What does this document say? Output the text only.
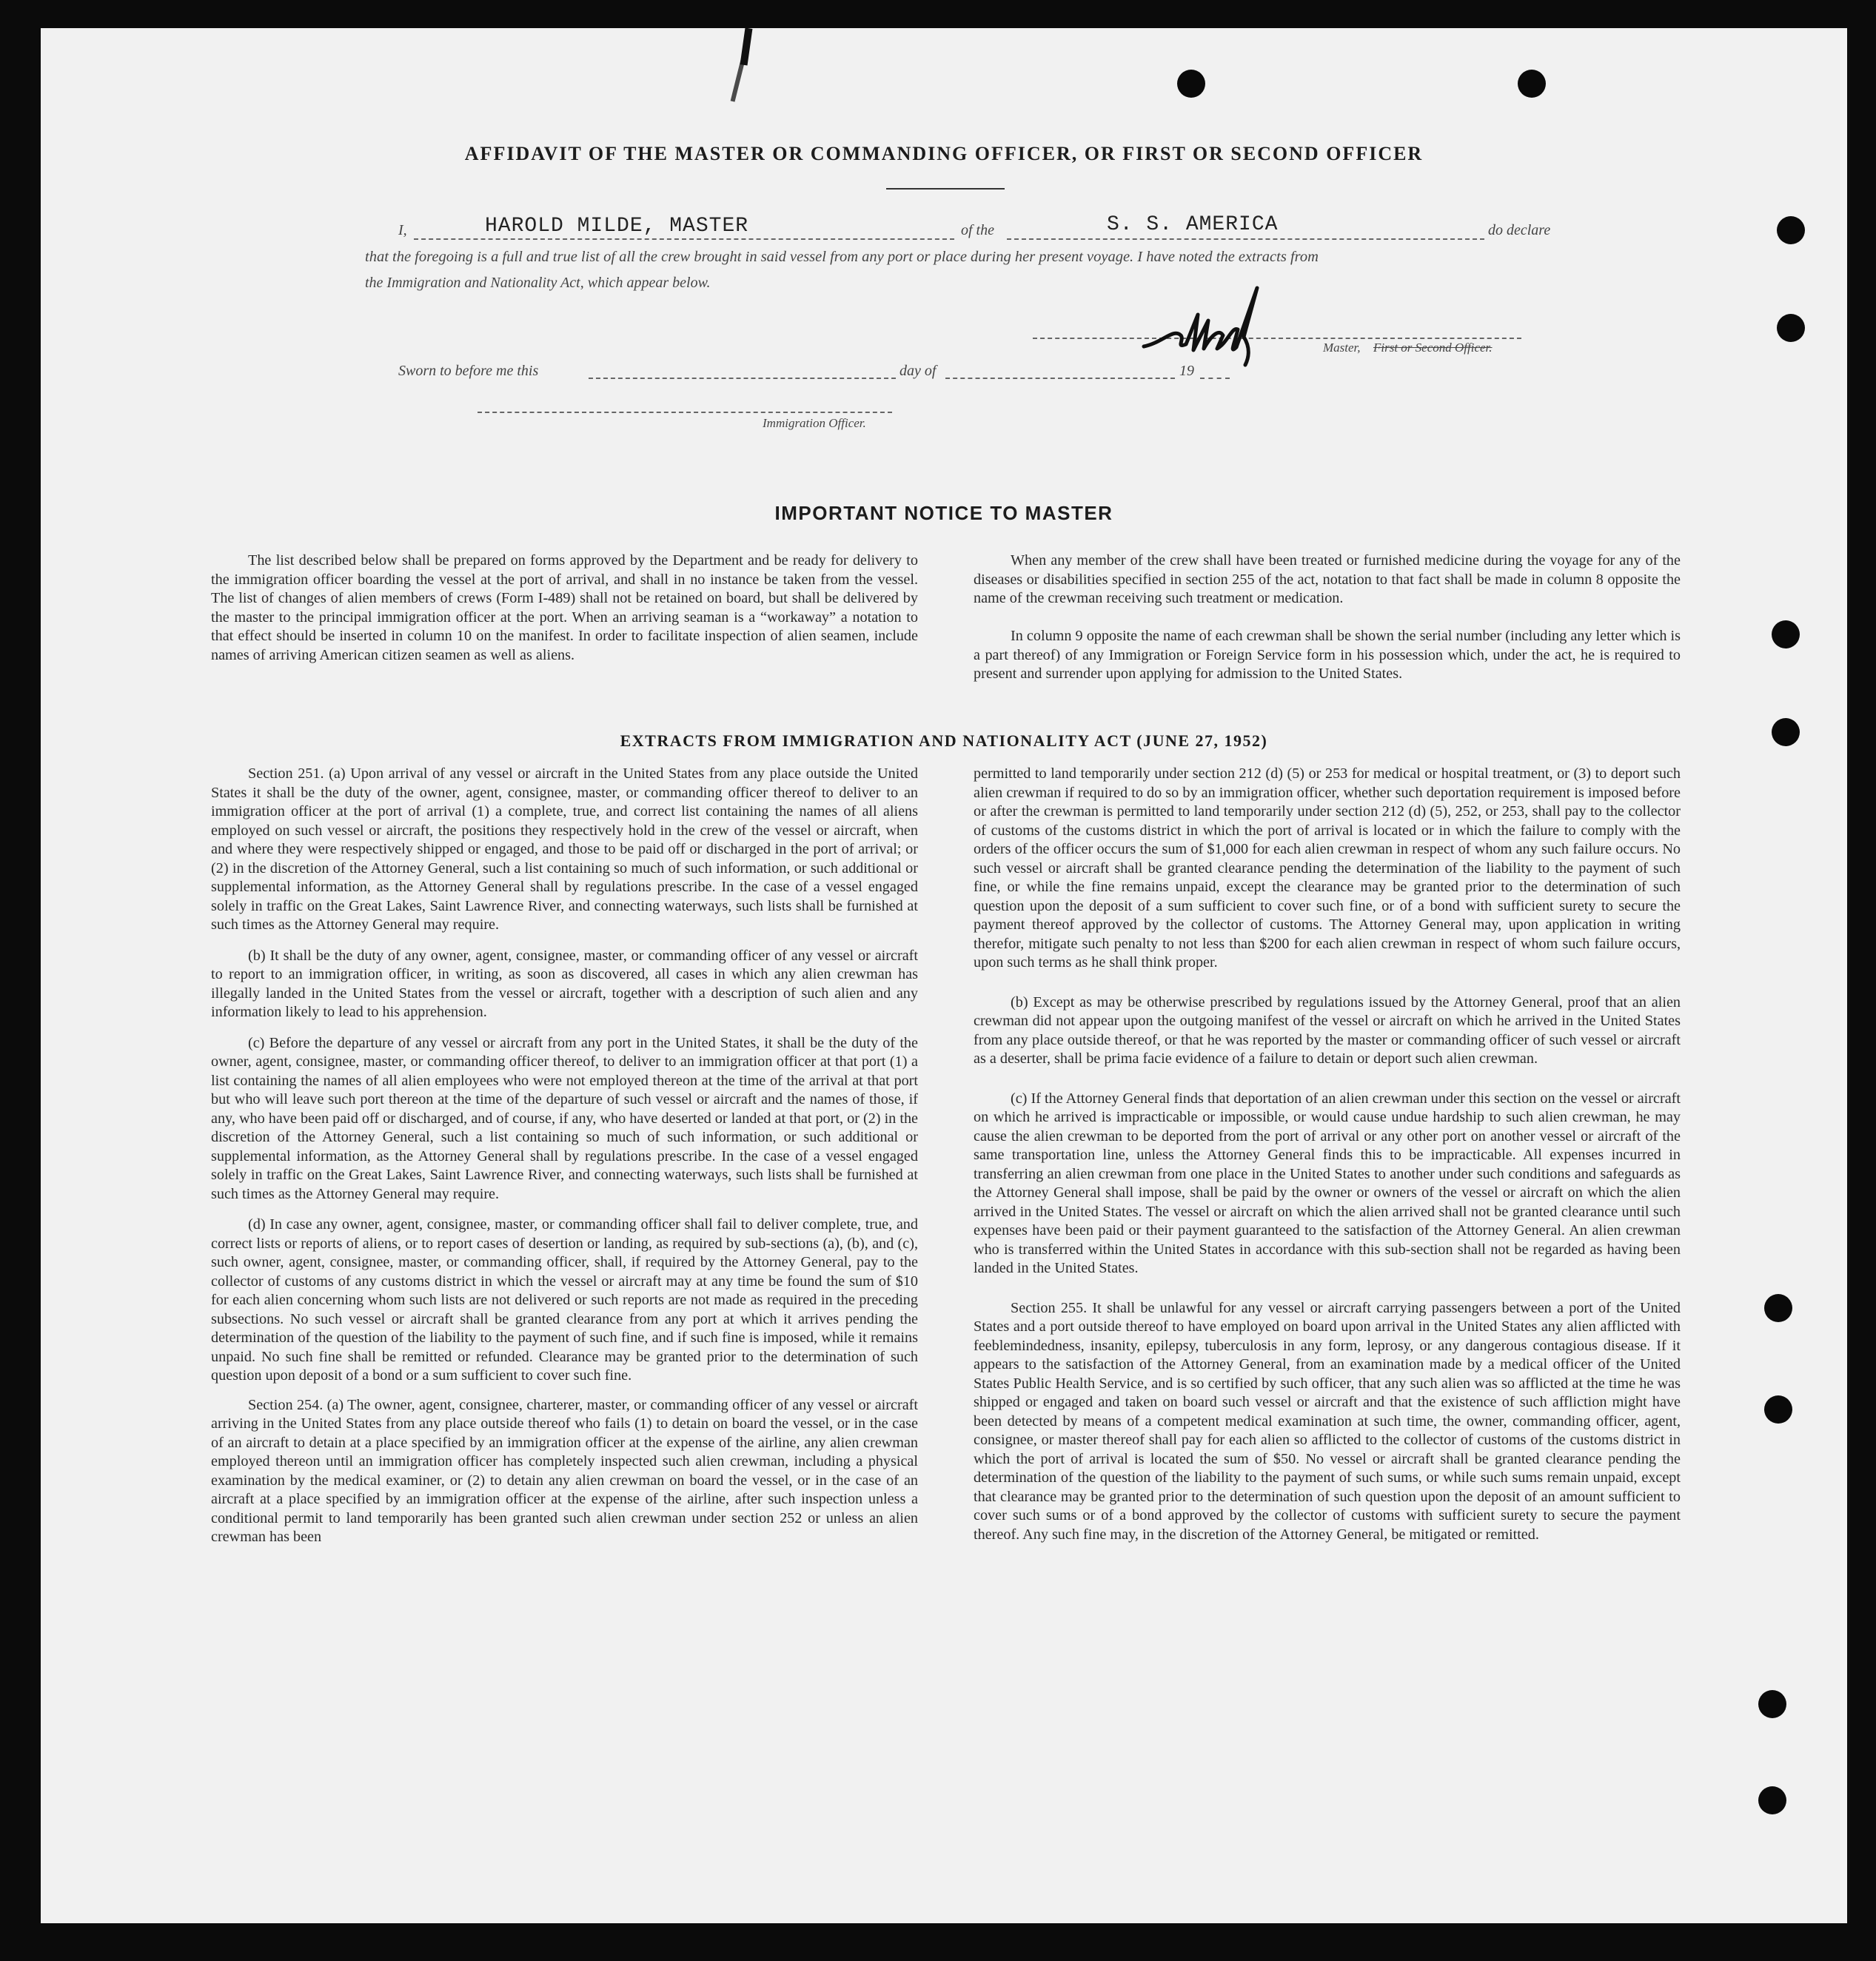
AFFIDAVIT OF THE MASTER OR COMMANDING OFFICER, OR FIRST OR SECOND OFFICER
I,	HAROLD MILDE, MASTER	of the	S. S. AMERICA	do declare
that the foregoing is a full and true list of all the crew brought in said vessel from any port or place during her present voyage. I have noted the extracts from
the Immigration and Nationality Act, which appear below.
Master, First or Second Officer.
Sworn to before me this	day of	19
Immigration Officer.
IMPORTANT NOTICE TO MASTER

The list described below shall be prepared on forms approved by the Department and be ready for delivery to the immigration officer boarding the vessel at the port of arrival, and shall in no instance be taken from the vessel. The list of changes of alien members of crews (Form I-489) shall not be retained on board, but shall be delivered by the master to the principal immigration officer at the port. When an arriving seaman is a “workaway” a notation to that effect should be inserted in column 10 on the manifest. In order to facilitate inspection of alien seamen, include names of arriving American citizen seamen as well as aliens.

When any member of the crew shall have been treated or furnished medicine during the voyage for any of the diseases or disabilities specified in section 255 of the act, notation to that fact shall be made in column 8 opposite the name of the crewman receiving such treatment or medication.

In column 9 opposite the name of each crewman shall be shown the serial number (including any letter which is a part thereof) of any Immigration or Foreign Service form in his possession which, under the act, he is required to present and surrender upon applying for admission to the United States.

EXTRACTS FROM IMMIGRATION AND NATIONALITY ACT (JUNE 27, 1952)

Section 251. (a) Upon arrival of any vessel or aircraft in the United States from any place outside the United States it shall be the duty of the owner, agent, consignee, master, or commanding officer thereof to deliver to an immigration officer at the port of arrival (1) a complete, true, and correct list containing the names of all aliens employed on such vessel or aircraft, the positions they respectively hold in the crew of the vessel or aircraft, when and where they were respectively shipped or engaged, and those to be paid off or discharged in the port of arrival; or (2) in the discretion of the Attorney General, such a list containing so much of such information, or such additional or supplemental information, as the Attorney General shall by regulations prescribe. In the case of a vessel engaged solely in traffic on the Great Lakes, Saint Lawrence River, and connecting waterways, such lists shall be furnished at such times as the Attorney General may require.

(b) It shall be the duty of any owner, agent, consignee, master, or commanding officer of any vessel or aircraft to report to an immigration officer, in writing, as soon as discovered, all cases in which any alien crewman has illegally landed in the United States from the vessel or aircraft, together with a description of such alien and any information likely to lead to his apprehension.

(c) Before the departure of any vessel or aircraft from any port in the United States, it shall be the duty of the owner, agent, consignee, master, or commanding officer thereof, to deliver to an immigration officer at that port (1) a list containing the names of all alien employees who were not employed thereon at the time of the arrival at that port but who will leave such port thereon at the time of the departure of such vessel or aircraft and the names of those, if any, who have been paid off or discharged, and of course, if any, who have deserted or landed at that port, or (2) in the discretion of the Attorney General, such a list containing so much of such information, or such additional or supplemental information, as the Attorney General shall by regulations prescribe. In the case of a vessel engaged solely in traffic on the Great Lakes, Saint Lawrence River, and connecting waterways, such lists shall be furnished at such times as the Attorney General may require.

(d) In case any owner, agent, consignee, master, or commanding officer shall fail to deliver complete, true, and correct lists or reports of aliens, or to report cases of desertion or landing, as required by sub-sections (a), (b), and (c), such owner, agent, consignee, master, or commanding officer, shall, if required by the Attorney General, pay to the collector of customs of any customs district in which the vessel or aircraft may at any time be found the sum of $10 for each alien concerning whom such lists are not delivered or such reports are not made as required in the preceding subsections. No such vessel or aircraft shall be granted clearance from any port at which it arrives pending the determination of the question of the liability to the payment of such fine, and if such fine is imposed, while it remains unpaid. No such fine shall be remitted or refunded. Clearance may be granted prior to the determination of such question upon deposit of a bond or a sum sufficient to cover such fine.

Section 254. (a) The owner, agent, consignee, charterer, master, or commanding officer of any vessel or aircraft arriving in the United States from any place outside thereof who fails (1) to detain on board the vessel, or in the case of an aircraft to detain at a place specified by an immigration officer at the expense of the airline, any alien crewman employed thereon until an immigration officer has completely inspected such alien crewman, including a physical examination by the medical examiner, or (2) to detain any alien crewman on board the vessel, or in the case of an aircraft at a place specified by an immigration officer at the expense of the airline, after such inspection unless a conditional permit to land temporarily has been granted such alien crewman under section 252 or unless an alien crewman has been

permitted to land temporarily under section 212 (d) (5) or 253 for medical or hospital treatment, or (3) to deport such alien crewman if required to do so by an immigration officer, whether such deportation requirement is imposed before or after the crewman is permitted to land temporarily under section 212 (d) (5), 252, or 253, shall pay to the collector of customs of the customs district in which the port of arrival is located or in which the failure to comply with the orders of the officer occurs the sum of $1,000 for each alien crewman in respect of whom any such failure occurs. No such vessel or aircraft shall be granted clearance pending the determination of the liability to the payment of such fine, or while the fine remains unpaid, except the clearance may be granted prior to the determination of such question upon the deposit of a sum sufficient to cover such fine, or of a bond with sufficient surety to secure the payment thereof approved by the collector of customs. The Attorney General may, upon application in writing therefor, mitigate such penalty to not less than $200 for each alien crewman in respect of whom such failure occurs, upon such terms as he shall think proper.

(b) Except as may be otherwise prescribed by regulations issued by the Attorney General, proof that an alien crewman did not appear upon the outgoing manifest of the vessel or aircraft on which he arrived in the United States from any place outside thereof, or that he was reported by the master or commanding officer of such vessel or aircraft as a deserter, shall be prima facie evidence of a failure to detain or deport such alien crewman.

(c) If the Attorney General finds that deportation of an alien crewman under this section on the vessel or aircraft on which he arrived is impracticable or impossible, or would cause undue hardship to such alien crewman, he may cause the alien crewman to be deported from the port of arrival or any other port on another vessel or aircraft of the same transportation line, unless the Attorney General finds this to be impracticable. All expenses incurred in transferring an alien crewman from one place in the United States to another under such conditions and safeguards as the Attorney General shall impose, shall be paid by the owner or owners of the vessel or aircraft on which the alien arrived in the United States. The vessel or aircraft on which the alien arrived shall not be granted clearance until such expenses have been paid or their payment guaranteed to the satisfaction of the Attorney General. An alien crewman who is transferred within the United States in accordance with this sub-section shall not be regarded as having been landed in the United States.

Section 255. It shall be unlawful for any vessel or aircraft carrying passengers between a port of the United States and a port outside thereof to have employed on board upon arrival in the United States any alien afflicted with feeblemindedness, insanity, epilepsy, tuberculosis in any form, leprosy, or any dangerous contagious disease. If it appears to the satisfaction of the Attorney General, from an examination made by a medical officer of the United States Public Health Service, and is so certified by such officer, that any such alien was so afflicted at the time he was shipped or engaged and taken on board such vessel or aircraft and that the existence of such affliction might have been detected by means of a competent medical examination at such time, the owner, commanding officer, agent, consignee, or master thereof shall pay for each alien so afflicted to the collector of customs of the customs district in which the port of arrival is located the sum of $50. No vessel or aircraft shall be granted clearance pending the determination of the question of the liability to the payment of such sums, or while such sums remain unpaid, except that clearance may be granted prior to the determination of such question upon the deposit of an amount sufficient to cover such sums or of a bond approved by the collector of customs with sufficient surety to secure the payment thereof. Any such fine may, in the discretion of the Attorney General, be mitigated or remitted.
